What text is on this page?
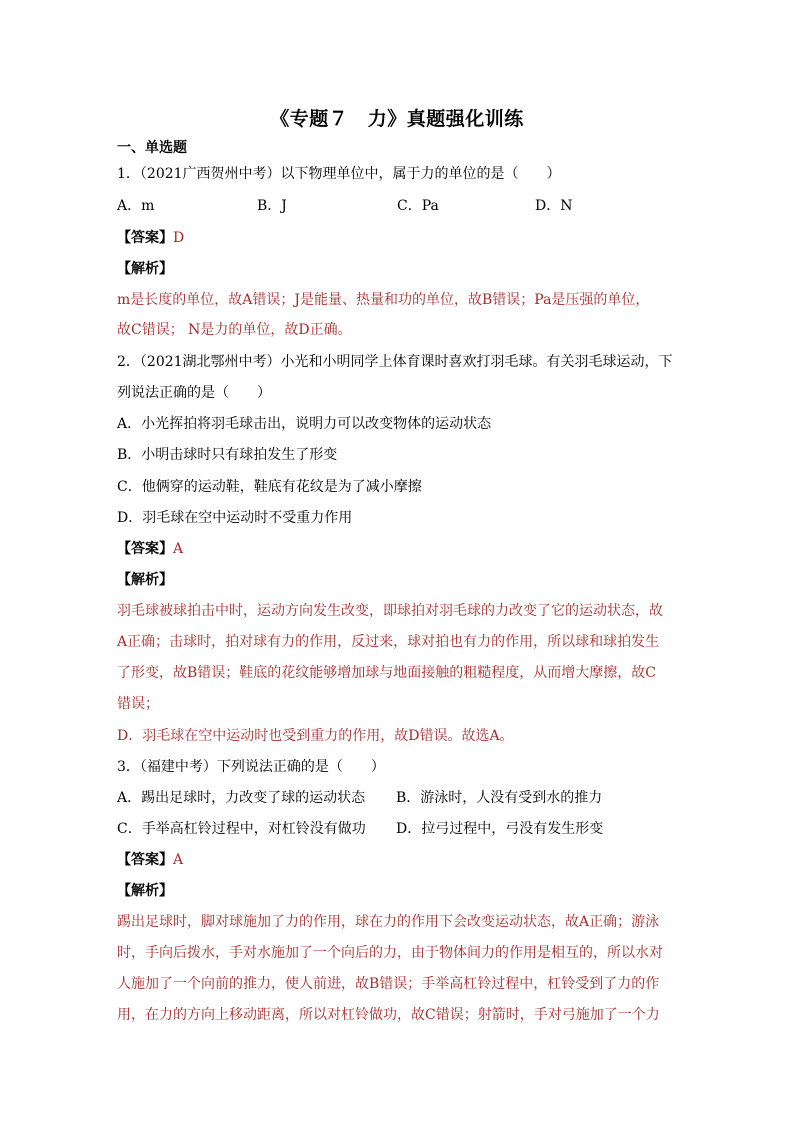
《专题７　力》真题强化训练

一、单选题

1．（2021广西贺州中考）以下物理单位中，属于力的单位的是（　　）

A．m	B．J	C．Pa	D．N

【答案】D

【解析】

m是长度的单位，故A错误；J是能量、热量和功的单位，故B错误；Pa是压强的单位，

故C错误； N是力的单位，故D正确。

2．（2021湖北鄂州中考）小光和小明同学上体育课时喜欢打羽毛球。有关羽毛球运动，下

列说法正确的是（　　）

A．小光挥拍将羽毛球击出，说明力可以改变物体的运动状态

B．小明击球时只有球拍发生了形变

C．他俩穿的运动鞋，鞋底有花纹是为了减小摩擦

D．羽毛球在空中运动时不受重力作用

【答案】A

【解析】

羽毛球被球拍击中时，运动方向发生改变，即球拍对羽毛球的力改变了它的运动状态，故

A正确；击球时，拍对球有力的作用，反过来，球对拍也有力的作用，所以球和球拍发生

了形变，故B错误；鞋底的花纹能够增加球与地面接触的粗糙程度，从而增大摩擦，故C

错误；

D．羽毛球在空中运动时也受到重力的作用，故D错误。故选A。

3．（福建中考）下列说法正确的是（　　）

A．踢出足球时，力改变了球的运动状态 B．游泳时，人没有受到水的推力
C．手举高杠铃过程中，对杠铃没有做功 D．拉弓过程中，弓没有发生形变

【答案】A

【解析】

踢出足球时，脚对球施加了力的作用，球在力的作用下会改变运动状态，故A正确；游泳

时，手向后拨水，手对水施加了一个向后的力，由于物体间力的作用是相互的，所以水对

人施加了一个向前的推力，使人前进，故B错误；手举高杠铃过程中，杠铃受到了力的作

用，在力的方向上移动距离，所以对杠铃做功，故C错误；射箭时，手对弓施加了一个力
